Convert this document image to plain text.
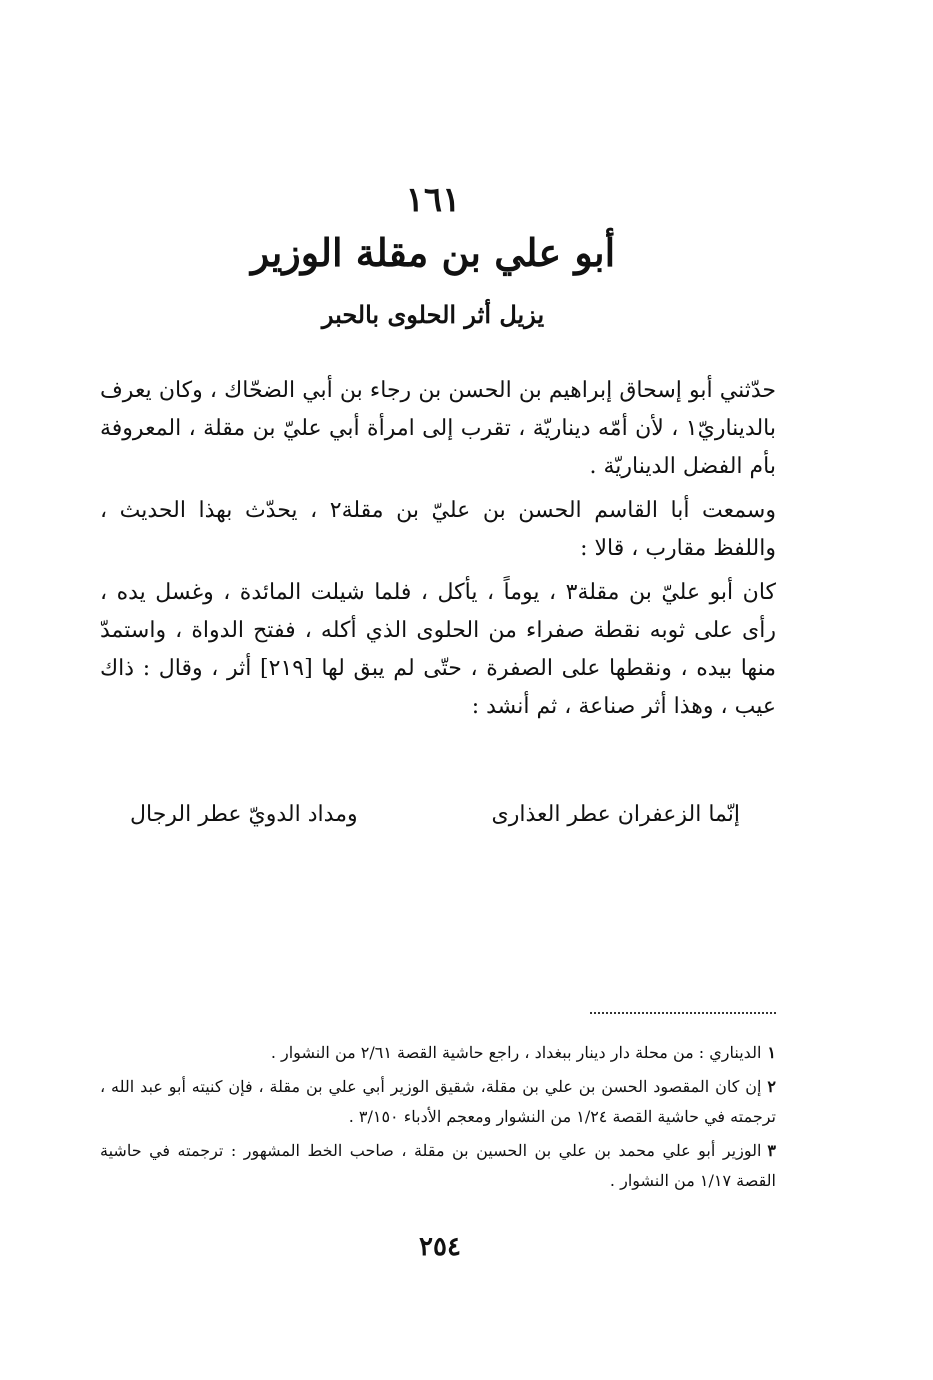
١٦١
أبو علي بن مقلة الوزير
يزيل أثر الحلوى بالحبر

حدّثني أبو إسحاق إبراهيم بن الحسن بن رجاء بن أبي الضحّاك ، وكان يعرف بالديناريّ١ ، لأن أمّه ديناريّة ، تقرب إلى امرأة أبي عليّ بن مقلة ، المعروفة بأم الفضل الديناريّة .

وسمعت أبا القاسم الحسن بن عليّ بن مقلة٢ ، يحدّث بهذا الحديث ، واللفظ مقارب ، قالا :

كان أبو عليّ بن مقلة٣ ، يوماً ، يأكل ، فلما شيلت المائدة ، وغسل يده ، رأى على ثوبه نقطة صفراء من الحلوى الذي أكله ، ففتح الدواة ، واستمدّ منها بيده ، ونقطها على الصفرة ، حتّى لم يبق لها [٢١٩] أثر ، وقال : ذاك عيب ، وهذا أثر صناعة ، ثم أنشد :

إنّما الزعفران عطر العذارى
ومداد الدويّ عطر الرجال

١الديناري : من محلة دار دينار ببغداد ، راجع حاشية القصة ٢/٦١ من النشوار .

٢إن كان المقصود الحسن بن علي بن مقلة، شقيق الوزير أبي علي بن مقلة ، فإن كنيته أبو عبد الله ، ترجمته في حاشية القصة ١/٢٤ من النشوار ومعجم الأدباء ٣/١٥٠ .

٣الوزير أبو علي محمد بن علي بن الحسين بن مقلة ، صاحب الخط المشهور : ترجمته في حاشية القصة ١/١٧ من النشوار .

٢٥٤
